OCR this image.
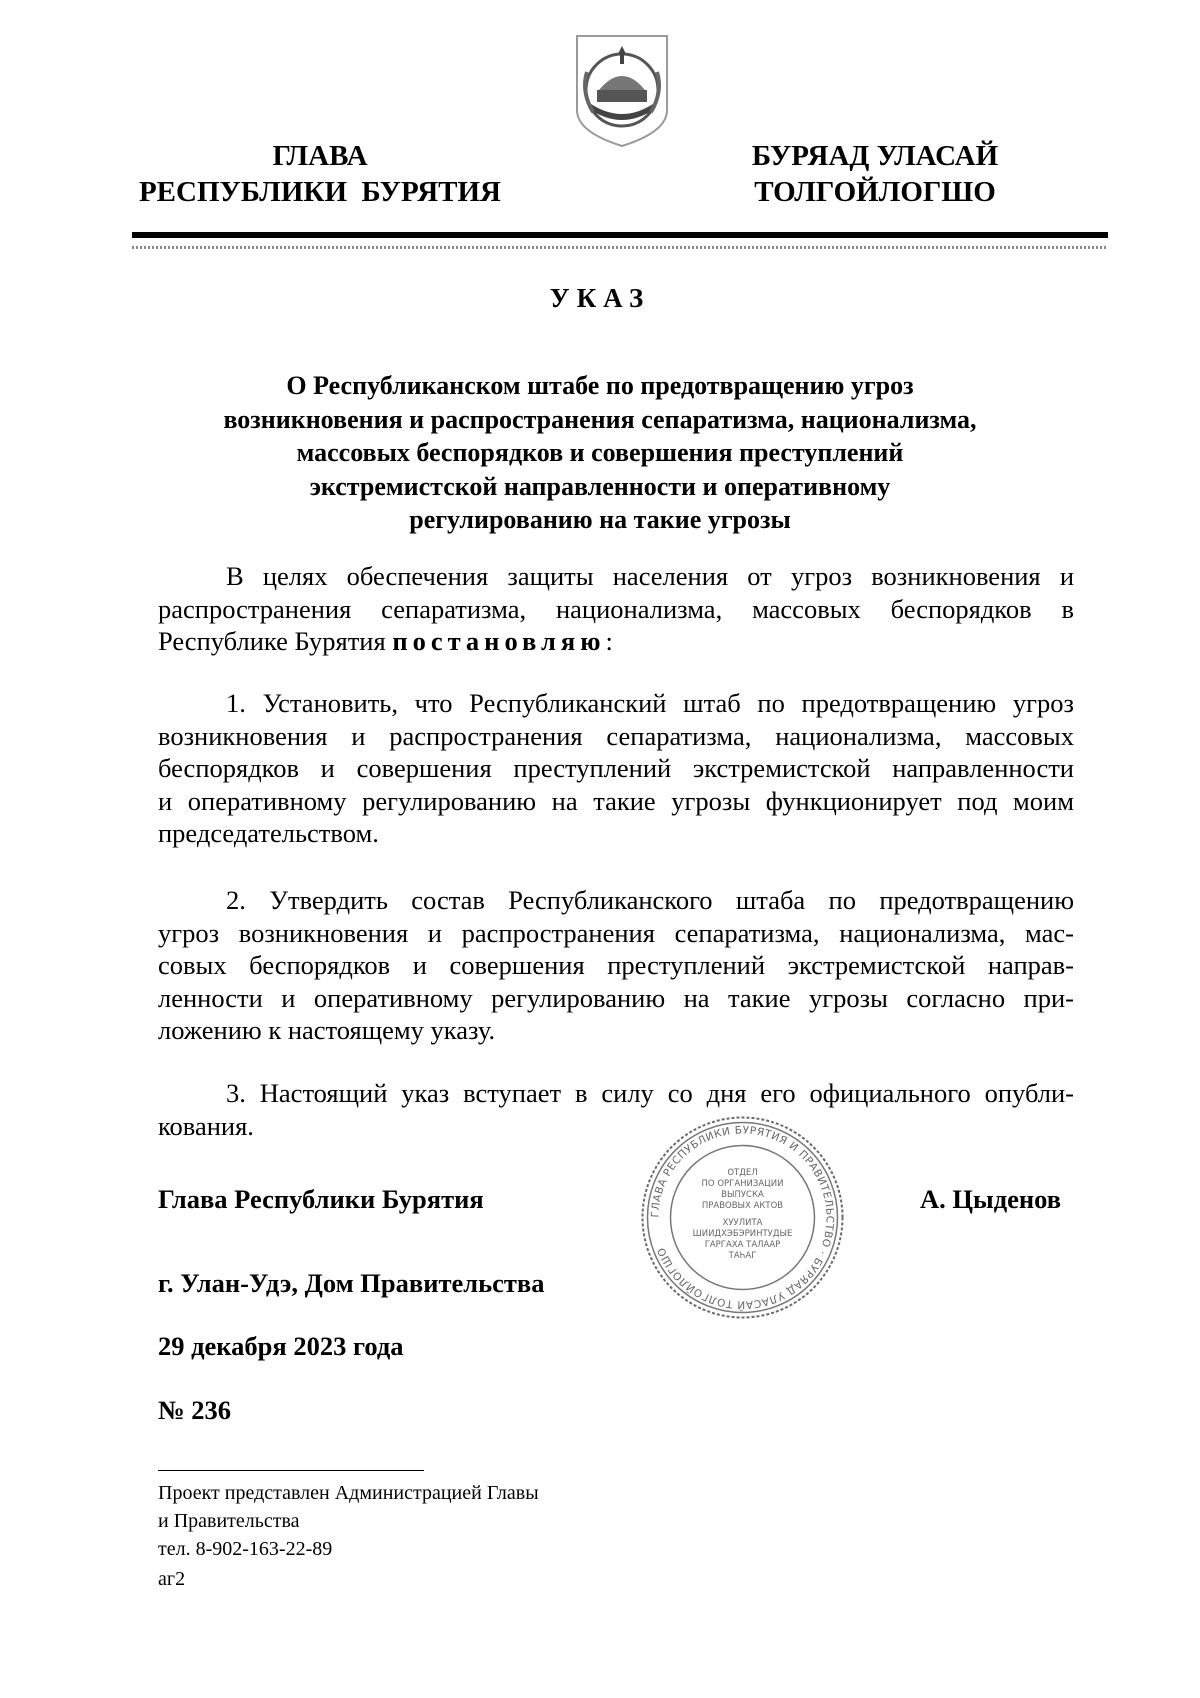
ГЛАВА
РЕСПУБЛИКИ  БУРЯТИЯ
БУРЯАД УЛАСАЙ
ТОЛГОЙЛОГШО
УКАЗ
О Республиканском штабе по предотвращению угроз
возникновения и распространения сепаратизма, национализма,
массовых беспорядков и совершения преступлений
экстремистской направленности и оперативному
регулированию на такие угрозы
В целях обеспечения защиты населения от угроз возникновения и
распространения сепаратизма, национализма, массовых беспорядков в
Республике Бурятия постановляю:
1. Установить, что Республиканский штаб по предотвращению угроз
возникновения и распространения сепаратизма, национализма, массовых
беспорядков и совершения преступлений экстремистской направленности
и оперативному регулированию на такие угрозы функционирует под моим
председательством.
2. Утвердить состав Республиканского штаба по предотвращению
угроз возникновения и распространения сепаратизма, национализма, мас-
совых беспорядков и совершения преступлений экстремистской направ-
ленности и оперативному регулированию на такие угрозы согласно при-
ложению к настоящему указу.
3. Настоящий указ вступает в силу со дня его официального опубли-
кования.
ГЛАВА РЕСПУБЛИКИ БУРЯТИЯ И ПРАВИТЕЛЬСТВО · БУРЯАД УЛАСАЙ ТОЛГОЙЛОГШО
ОТДЕЛ
ПО ОРГАНИЗАЦИИ
ВЫПУСКА
ПРАВОВЫХ АКТОВ
ХУУЛИТА
ШИИДХЭБЭРИНТУДЫЕ
ГАРГАХА ТАЛААР
ТАҺАГ
Глава Республики Бурятия	А. Цыденов
г. Улан-Удэ, Дом Правительства
29 декабря 2023 года
№ 236
Проект представлен Администрацией Главы
и Правительства
тел. 8-902-163-22-89
аг2
